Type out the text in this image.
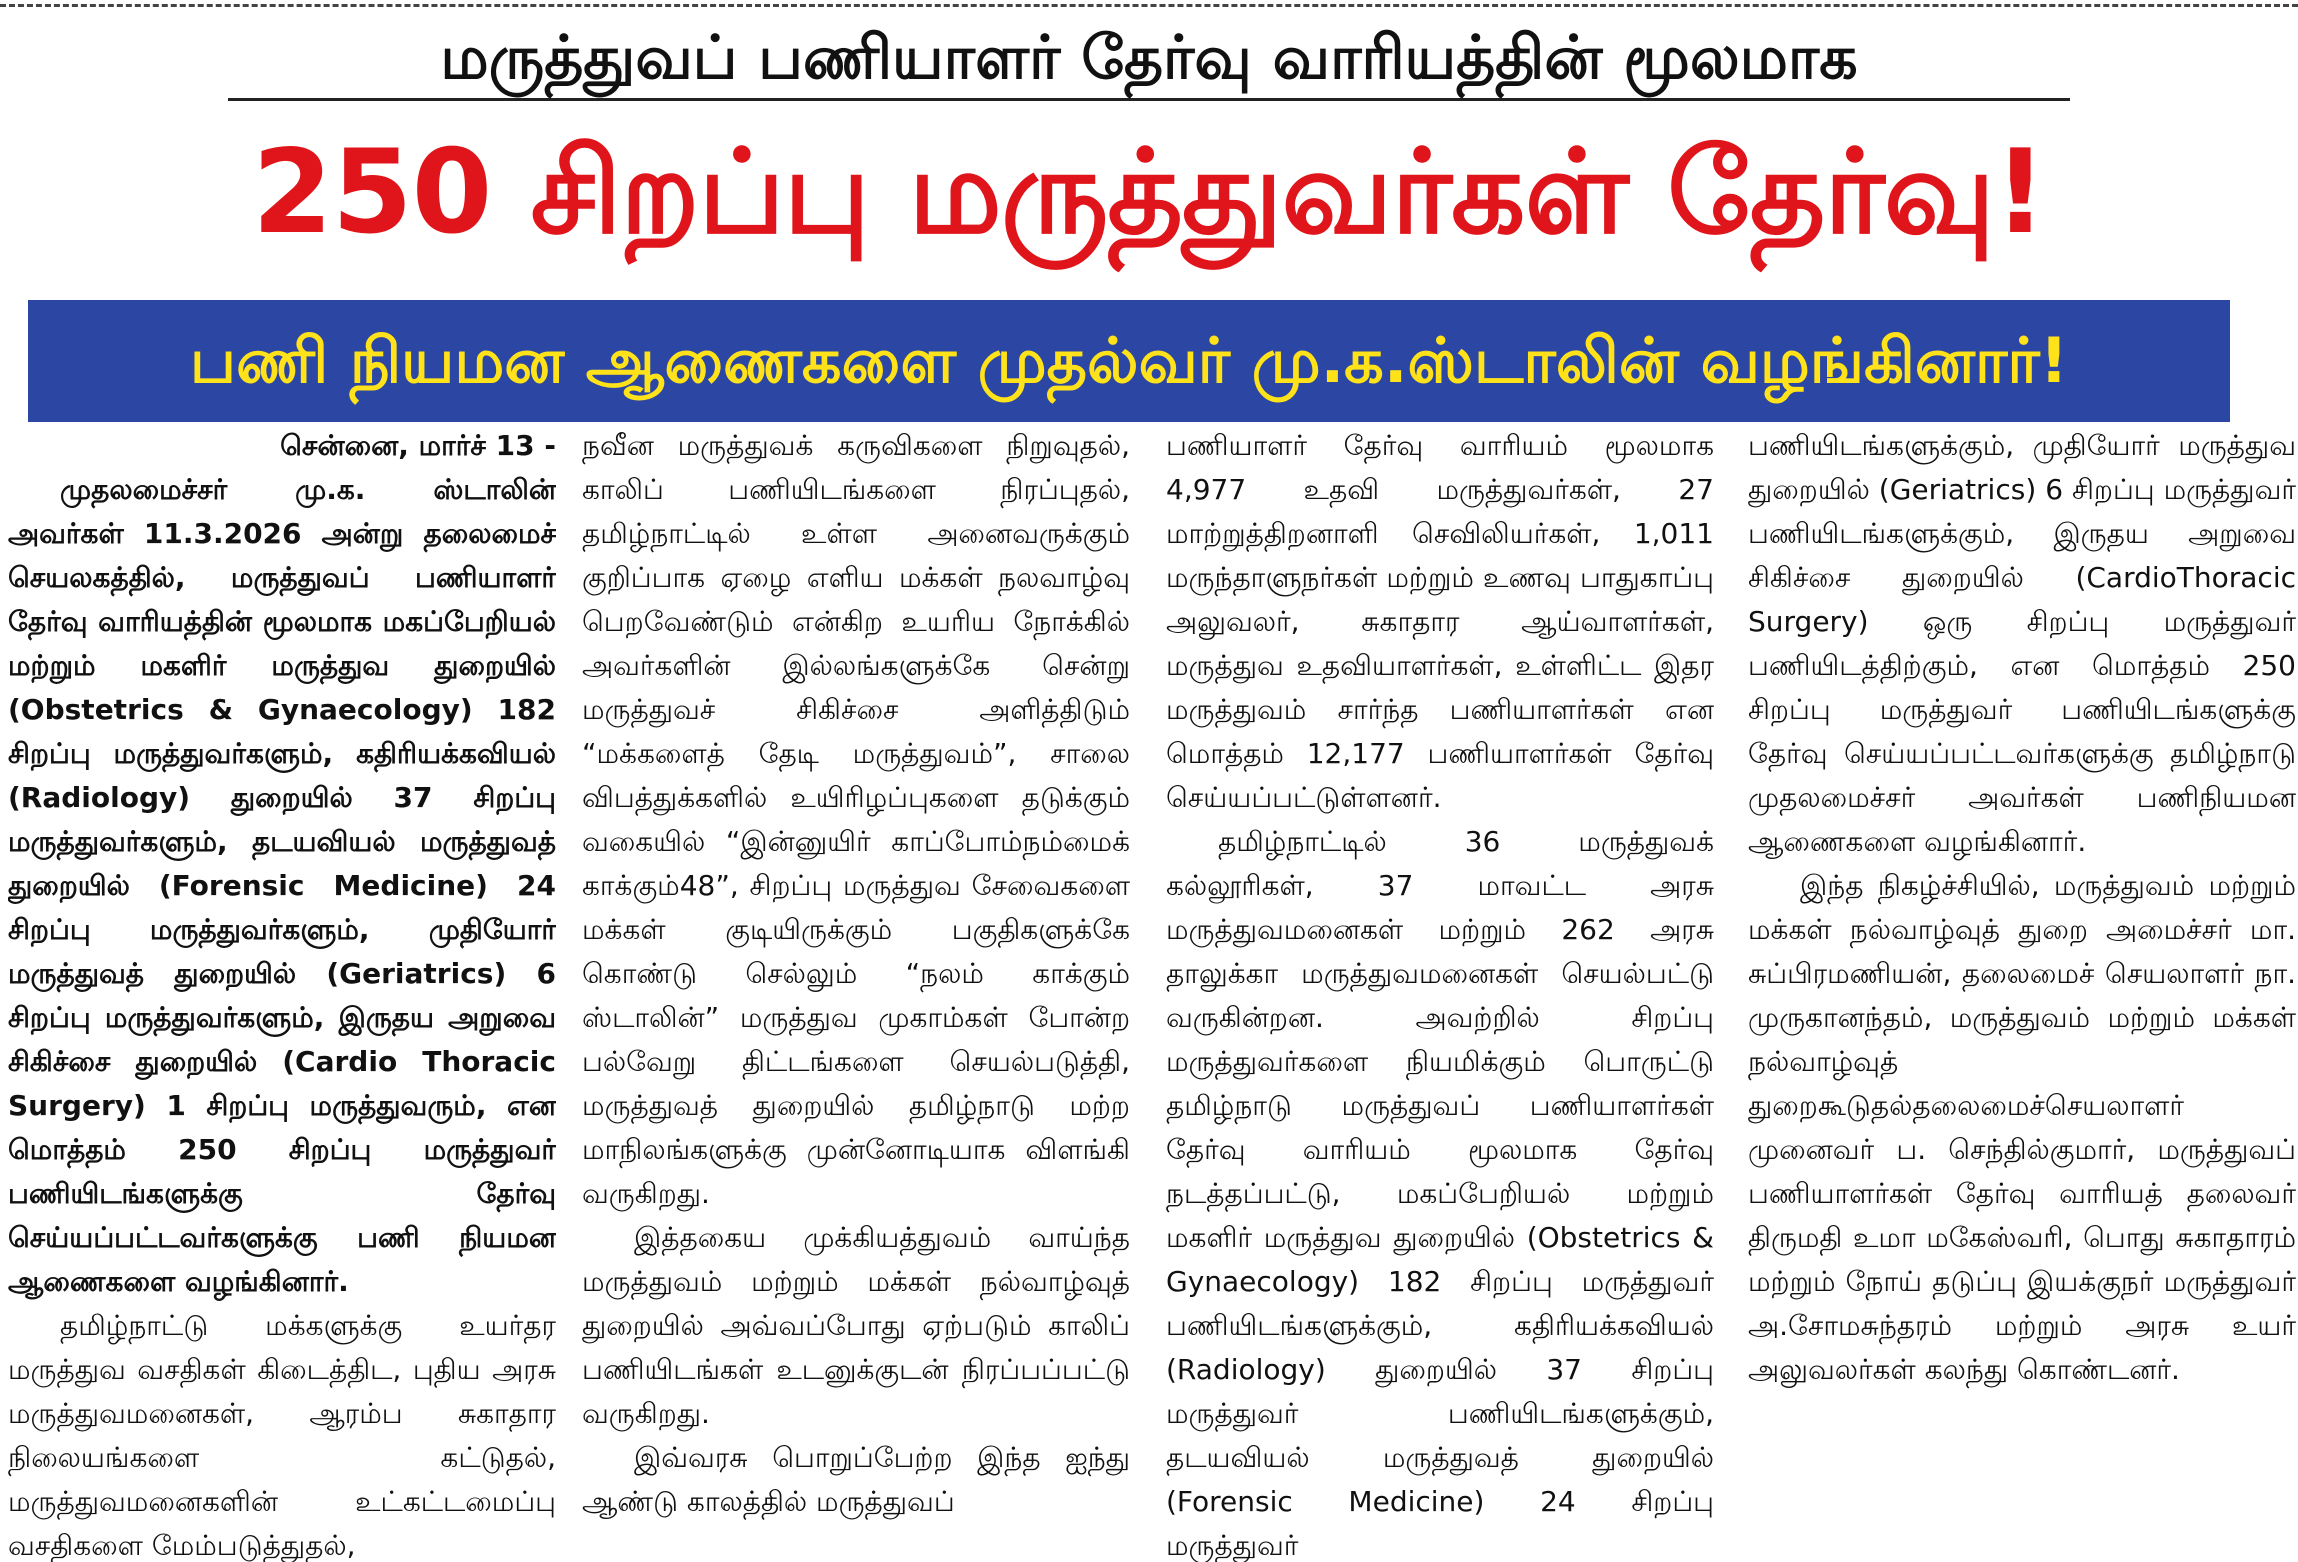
மருத்துவப் பணியாளர் தேர்வு வாரியத்தின் மூலமாக
250 சிறப்பு மருத்துவர்கள் தேர்வு!
பணி நியமன ஆணைகளை முதல்வர் மு.க.ஸ்டாலின் வழங்கினார்!

சென்னை, மார்ச் 13 -

முதலமைச்சர் மு.க. ஸ்டாலின் அவர்கள் 11.3.2026 அன்று தலைமைச் செயலகத்தில், மருத்துவப் பணியாளர் தேர்வு வாரியத்தின் மூலமாக மகப்பேறியல் மற்றும் மகளிர் மருத்துவ துறையில் (Obstetrics & Gynaecology) 182 சிறப்பு மருத்துவர்களும், கதிரியக்கவியல் (Radiology) துறையில் 37 சிறப்பு மருத்துவர்களும், தடயவியல் மருத்துவத் துறையில் (Forensic Medicine) 24 சிறப்பு மருத்துவர்களும், முதியோர் மருத்துவத் துறையில் (Geriatrics) 6 சிறப்பு மருத்துவர்களும், இருதய அறுவை சிகிச்சை துறையில் (Cardio Thoracic Surgery) 1 சிறப்பு மருத்துவரும், என மொத்தம் 250 சிறப்பு மருத்துவர் பணியிடங்களுக்கு தேர்வு செய்யப்பட்டவர்களுக்கு பணி நியமன ஆணைகளை வழங்கினார்.

தமிழ்நாட்டு மக்களுக்கு உயர்தர மருத்துவ வசதிகள் கிடைத்திட, புதிய அரசு மருத்துவமனைகள், ஆரம்ப சுகாதார நிலையங்களை கட்டுதல், மருத்துவமனைகளின் உட்கட்டமைப்பு வசதிகளை மேம்படுத்துதல்,

நவீன மருத்துவக் கருவிகளை நிறுவுதல், காலிப் பணியிடங்களை நிரப்புதல், தமிழ்நாட்டில் உள்ள அனைவருக்கும் குறிப்பாக ஏழை எளிய மக்கள் நலவாழ்வு பெறவேண்டும் என்கிற உயரிய நோக்கில் அவர்களின் இல்லங்களுக்கே சென்று மருத்துவச் சிகிச்சை அளித்திடும் “மக்களைத் தேடி மருத்துவம்”, சாலை விபத்துக்களில் உயிரிழப்புகளை தடுக்கும் வகையில் “இன்னுயிர் காப்போம்நம்மைக் காக்கும்48”, சிறப்பு மருத்துவ சேவைகளை மக்கள் குடியிருக்கும் பகுதிகளுக்கே கொண்டு செல்லும் “நலம் காக்கும் ஸ்டாலின்” மருத்துவ முகாம்கள் போன்ற பல்வேறு திட்டங்களை செயல்படுத்தி, மருத்துவத் துறையில் தமிழ்நாடு மற்ற மாநிலங்களுக்கு முன்னோடியாக விளங்கி வருகிறது.

இத்தகைய முக்கியத்துவம் வாய்ந்த மருத்துவம் மற்றும் மக்கள் நல்வாழ்வுத் துறையில் அவ்வப்போது ஏற்படும் காலிப் பணியிடங்கள் உடனுக்குடன் நிரப்பப்பட்டு வருகிறது.

இவ்வரசு பொறுப்பேற்ற இந்த ஐந்து ஆண்டு காலத்தில் மருத்துவப்

பணியாளர் தேர்வு வாரியம் மூலமாக 4,977 உதவி மருத்துவர்கள், 27 மாற்றுத்திறனாளி செவிலியர்கள், 1,011 மருந்தாளுநர்கள் மற்றும் உணவு பாதுகாப்பு அலுவலர், சுகாதார ஆய்வாளர்கள், மருத்துவ உதவியாளர்கள், உள்ளிட்ட இதர மருத்துவம் சார்ந்த பணியாளர்கள் என மொத்தம் 12,177 பணியாளர்கள் தேர்வு செய்யப்பட்டுள்ளனர்.

தமிழ்நாட்டில் 36 மருத்துவக் கல்லூரிகள், 37 மாவட்ட அரசு மருத்துவமனைகள் மற்றும் 262 அரசு தாலுக்கா மருத்துவமனைகள் செயல்பட்டு வருகின்றன. அவற்றில் சிறப்பு மருத்துவர்களை நியமிக்கும் பொருட்டு தமிழ்நாடு மருத்துவப் பணியாளர்கள் தேர்வு வாரியம் மூலமாக தேர்வு நடத்தப்பட்டு, மகப்பேறியல் மற்றும் மகளிர் மருத்துவ துறையில் (Obstetrics & Gynaecology) 182 சிறப்பு மருத்துவர் பணியிடங்களுக்கும், கதிரியக்கவியல் (Radiology) துறையில் 37 சிறப்பு மருத்துவர் பணியிடங்களுக்கும், தடயவியல் மருத்துவத் துறையில் (Forensic Medicine) 24 சிறப்பு மருத்துவர்

பணியிடங்களுக்கும், முதியோர் மருத்துவ துறையில் (Geriatrics) 6 சிறப்பு மருத்துவர் பணியிடங்களுக்கும், இருதய அறுவை சிகிச்சை துறையில் (CardioThoracic Surgery) ஒரு சிறப்பு மருத்துவர் பணியிடத்திற்கும், என மொத்தம் 250 சிறப்பு மருத்துவர் பணியிடங்களுக்கு தேர்வு செய்யப்பட்டவர்களுக்கு தமிழ்நாடு முதலமைச்சர் அவர்கள் பணிநியமன ஆணைகளை வழங்கினார்.

இந்த நிகழ்ச்சியில், மருத்துவம் மற்றும் மக்கள் நல்வாழ்வுத் துறை அமைச்சர் மா. சுப்பிரமணியன், தலைமைச் செயலாளர் நா. முருகானந்தம், மருத்துவம் மற்றும் மக்கள் நல்வாழ்வுத் துறைகூடுதல்தலைமைச்செயலாளர் முனைவர் ப. செந்தில்குமார், மருத்துவப் பணியாளர்கள் தேர்வு வாரியத் தலைவர் திருமதி உமா மகேஸ்வரி, பொது சுகாதாரம் மற்றும் நோய் தடுப்பு இயக்குநர் மருத்துவர் அ.சோமசுந்தரம் மற்றும் அரசு உயர் அலுவலர்கள் கலந்து கொண்டனர்.
